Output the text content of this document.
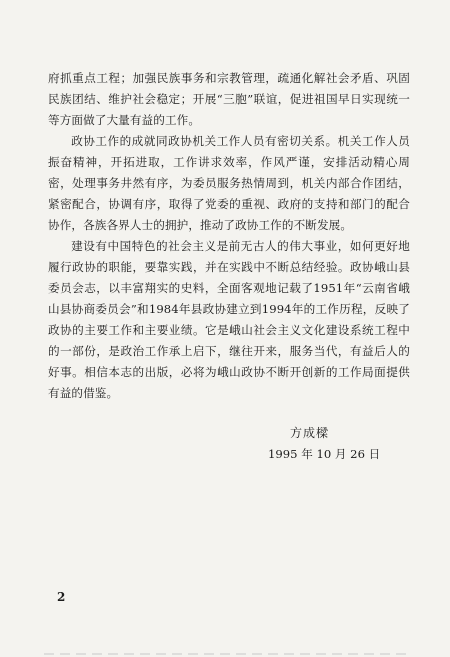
府抓重点工程；加强民族事务和宗教管理，疏通化解社会矛盾、巩固民族团结、维护社会稳定；开展“三胞”联谊，促进祖国早日实现统一等方面做了大量有益的工作。

政协工作的成就同政协机关工作人员有密切关系。机关工作人员振奋精神，开拓进取，工作讲求效率，作风严谨，安排活动精心周密，处理事务井然有序，为委员服务热情周到，机关内部合作团结，紧密配合，协调有序，取得了党委的重视、政府的支持和部门的配合协作，各族各界人士的拥护，推动了政协工作的不断发展。

建设有中国特色的社会主义是前无古人的伟大事业，如何更好地履行政协的职能，要靠实践，并在实践中不断总结经验。政协峨山县委员会志，以丰富翔实的史料，全面客观地记载了1951年“云南省峨山县协商委员会”和1984年县政协建立到1994年的工作历程，反映了政协的主要工作和主要业绩。它是峨山社会主义文化建设系统工程中的一部份，是政治工作承上启下，继往开来，服务当代，有益后人的好事。相信本志的出版，必将为峨山政协不断开创新的工作局面提供有益的借鉴。

方成樑
1995 年 10 月 26 日
2
